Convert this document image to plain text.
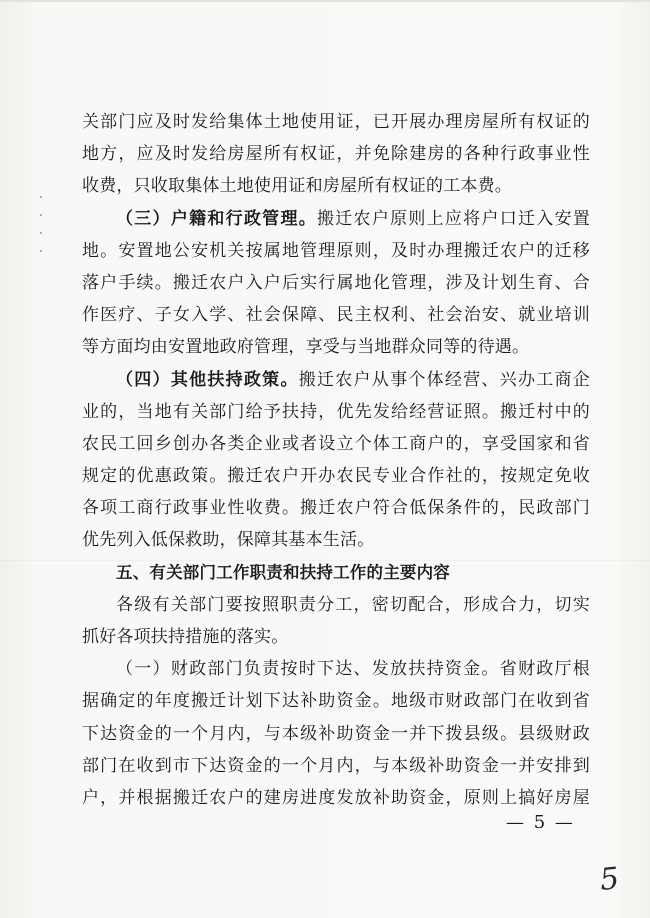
关部门应及时发给集体土地使用证，已开展办理房屋所有权证的
地方，应及时发给房屋所有权证，并免除建房的各种行政事业性
收费，只收取集体土地使用证和房屋所有权证的工本费。
（三）户籍和行政管理。搬迁农户原则上应将户口迁入安置
地。安置地公安机关按属地管理原则，及时办理搬迁农户的迁移
落户手续。搬迁农户入户后实行属地化管理，涉及计划生育、合
作医疗、子女入学、社会保障、民主权利、社会治安、就业培训
等方面均由安置地政府管理，享受与当地群众同等的待遇。
（四）其他扶持政策。搬迁农户从事个体经营、兴办工商企
业的，当地有关部门给予扶持，优先发给经营证照。搬迁村中的
农民工回乡创办各类企业或者设立个体工商户的，享受国家和省
规定的优惠政策。搬迁农户开办农民专业合作社的，按规定免收
各项工商行政事业性收费。搬迁农户符合低保条件的，民政部门
优先列入低保救助，保障其基本生活。
五、有关部门工作职责和扶持工作的主要内容
各级有关部门要按照职责分工，密切配合，形成合力，切实
抓好各项扶持措施的落实。
（一）财政部门负责按时下达、发放扶持资金。省财政厅根
据确定的年度搬迁计划下达补助资金。地级市财政部门在收到省
下达资金的一个月内，与本级补助资金一并下拨县级。县级财政
部门在收到市下达资金的一个月内，与本级补助资金一并安排到
户，并根据搬迁农户的建房进度发放补助资金，原则上搞好房屋
— 5 —
5
